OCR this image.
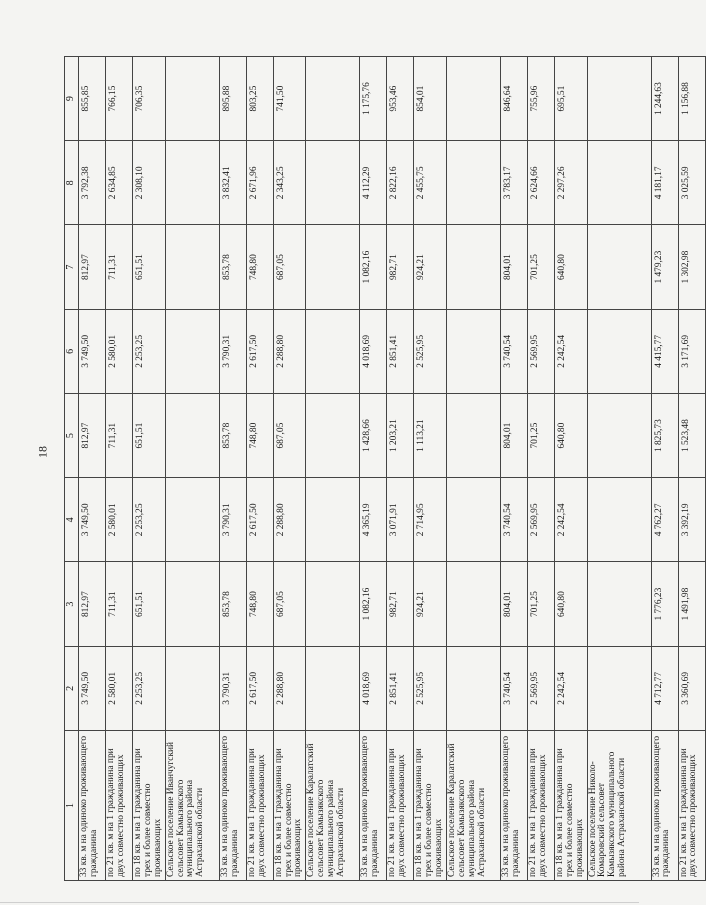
18
1	2	3	4	5	6	7	8	9
33 кв. м на одиноко проживающего гражданина	3 749,50	812,97	3 749,50	812,97	3 749,50	812,97	3 792,38	855,85
по 21 кв. м на 1 гражданина при двух совместно проживающих	2 580,01	711,31	2 580,01	711,31	2 580,01	711,31	2 634,85	766,15
по 18 кв. м на 1 гражданина при трех и более совместно проживающих	2 253,25	651,51	2 253,25	651,51	2 253,25	651,51	2 308,10	706,35
Сельское поселение Иванчугский сельсовет Камызякского муниципального района Астраханской области								
33 кв. м на одиноко проживающего гражданина	3 790,31	853,78	3 790,31	853,78	3 790,31	853,78	3 832,41	895,88
по 21 кв. м на 1 гражданина при двух совместно проживающих	2 617,50	748,80	2 617,50	748,80	2 617,50	748,80	2 671,96	803,25
по 18 кв. м на 1 гражданина при трех и более совместно проживающих	2 288,80	687,05	2 288,80	687,05	2 288,80	687,05	2 343,25	741,50
Сельское поселение Каралатский сельсовет Камызякского муниципального района Астраханской области								
33 кв. м на одиноко проживающего гражданина	4 018,69	1 082,16	4 365,19	1 428,66	4 018,69	1 082,16	4 112,29	1 175,76
по 21 кв. м на 1 гражданина при двух совместно проживающих	2 851,41	982,71	3 071,91	1 203,21	2 851,41	982,71	2 822,16	953,46
по 18 кв. м на 1 гражданина при трех и более совместно проживающих	2 525,95	924,21	2 714,95	1 113,21	2 525,95	924,21	2 455,75	854,01
Сельское поселение Каралатский сельсовет Камызякского муниципального района Астраханской области								
33 кв. м на одиноко проживающего гражданина	3 740,54	804,01	3 740,54	804,01	3 740,54	804,01	3 783,17	846,64
по 21 кв. м на 1 гражданина при двух совместно проживающих	2 569,95	701,25	2 569,95	701,25	2 569,95	701,25	2 624,66	755,96
по 18 кв. м на 1 гражданина при трех и более совместно проживающих	2 242,54	640,80	2 242,54	640,80	2 242,54	640,80	2 297,26	695,51
Сельское поселение Николо-Комаровский сельсовет Камызякского муниципального района Астраханской области								
33 кв. м на одиноко проживающего гражданина	4 712,77	1 776,23	4 762,27	1 825,73	4 415,77	1 479,23	4 181,17	1 244,63
по 21 кв. м на 1 гражданина при двух совместно проживающих	3 360,69	1 491,98	3 392,19	1 523,48	3 171,69	1 302,98	3 025,59	1 156,88
